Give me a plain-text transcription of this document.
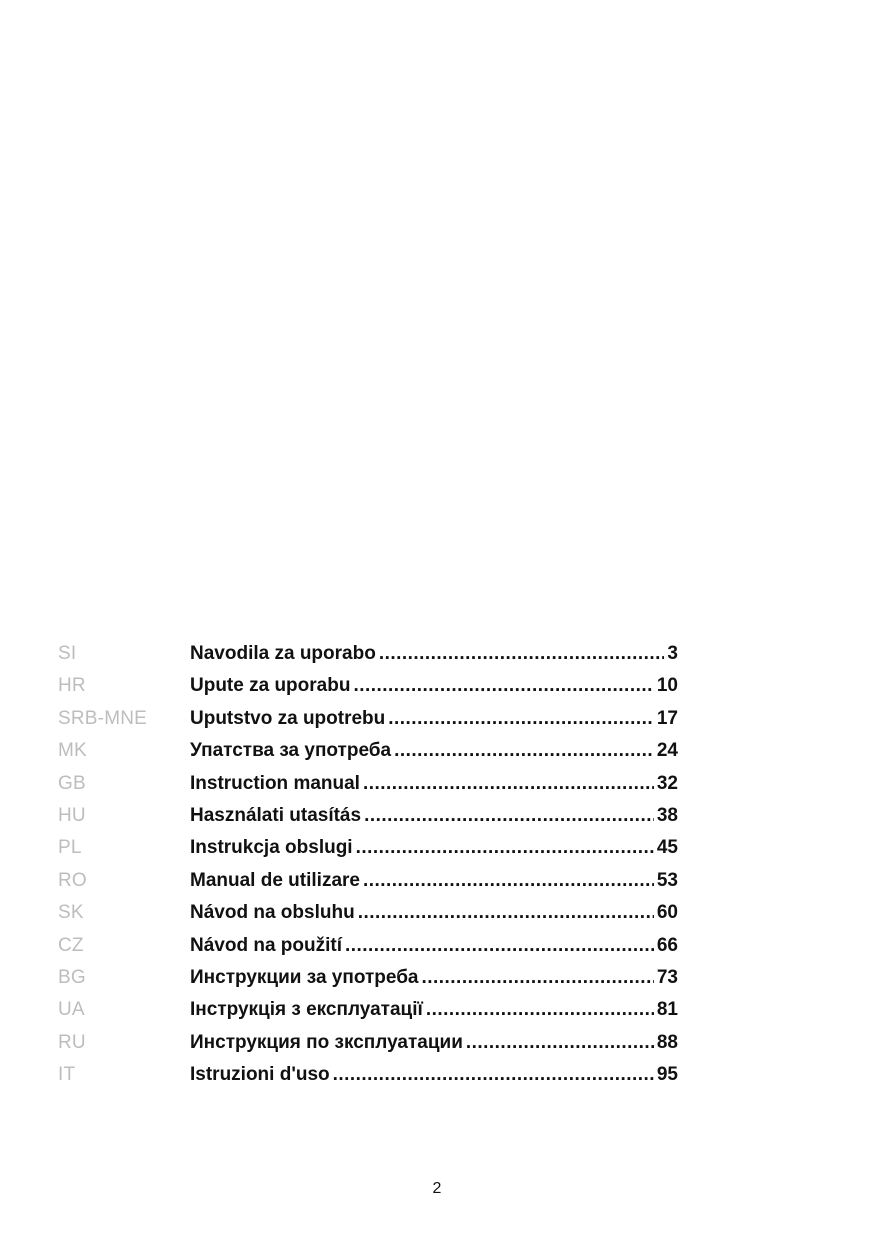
SI	Navodila za uporabo . . .	3
HR	Upute za uporabu . . .	10
SRB-MNE	Uputstvo za upotrebu . . .	17
MK	Упатства за употреба . . .	24
GB	Instruction manual . . .	32
HU	Használati utasítás . . .	38
PL	Instrukcja obslugi . . .	45
RO	Manual de utilizare . . .	53
SK	Návod na obsluhu . . .	60
CZ	Návod na použití . . .	66
BG	Инструкции за употреба . . .	73
UA	Інструкція з експлуатації . . .	81
RU	Инструкция по зксплуатации . . .	88
IT	Istruzioni d'uso . . .	95
2
